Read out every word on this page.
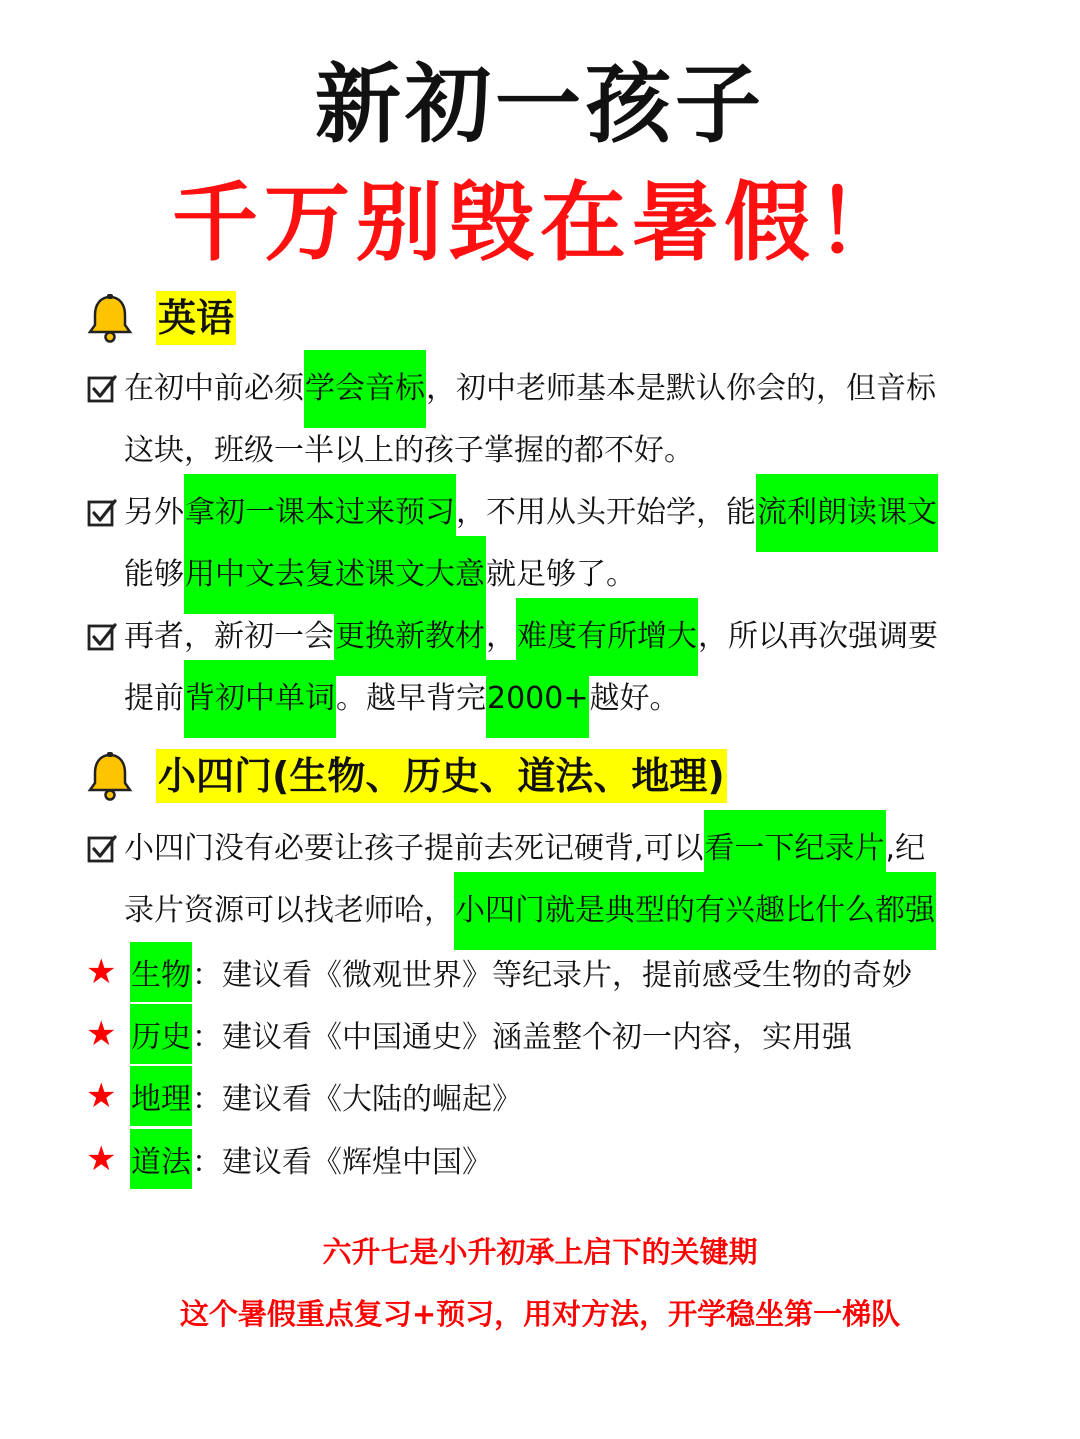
新初一孩子
千万别毁在暑假！
英语
在初中前必须 学会音标 ，初中老师基本是默认你会的，但音标
这块，班级一半以上的孩子掌握的都不好。
另外 拿初一课本过来预习 ，不用从头开始学，能 流利朗读课文
能够 用中文去复述课文大意 就足够了。
再者，新初一会 更换新教材 ， 难度有所增大 ，所以再次强调要
提前 背初中单词 。越早背完 2000+ 越好。
小四门(生物、历史、道法、地理)
小四门没有必要让孩子提前去死记硬背,可以 看一下纪录片 ,纪
录片资源可以找老师哈， 小四门就是典型的有兴趣比什么都强
★ 生物 ：建议看《微观世界》等纪录片，提前感受生物的奇妙
★ 历史 ：建议看《中国通史》涵盖整个初一内容，实用强
★ 地理 ：建议看《大陆的崛起》
★ 道法 ：建议看《辉煌中国》
六升七是小升初承上启下的关键期
这个暑假重点复习+预习，用对方法，开学稳坐第一梯队
